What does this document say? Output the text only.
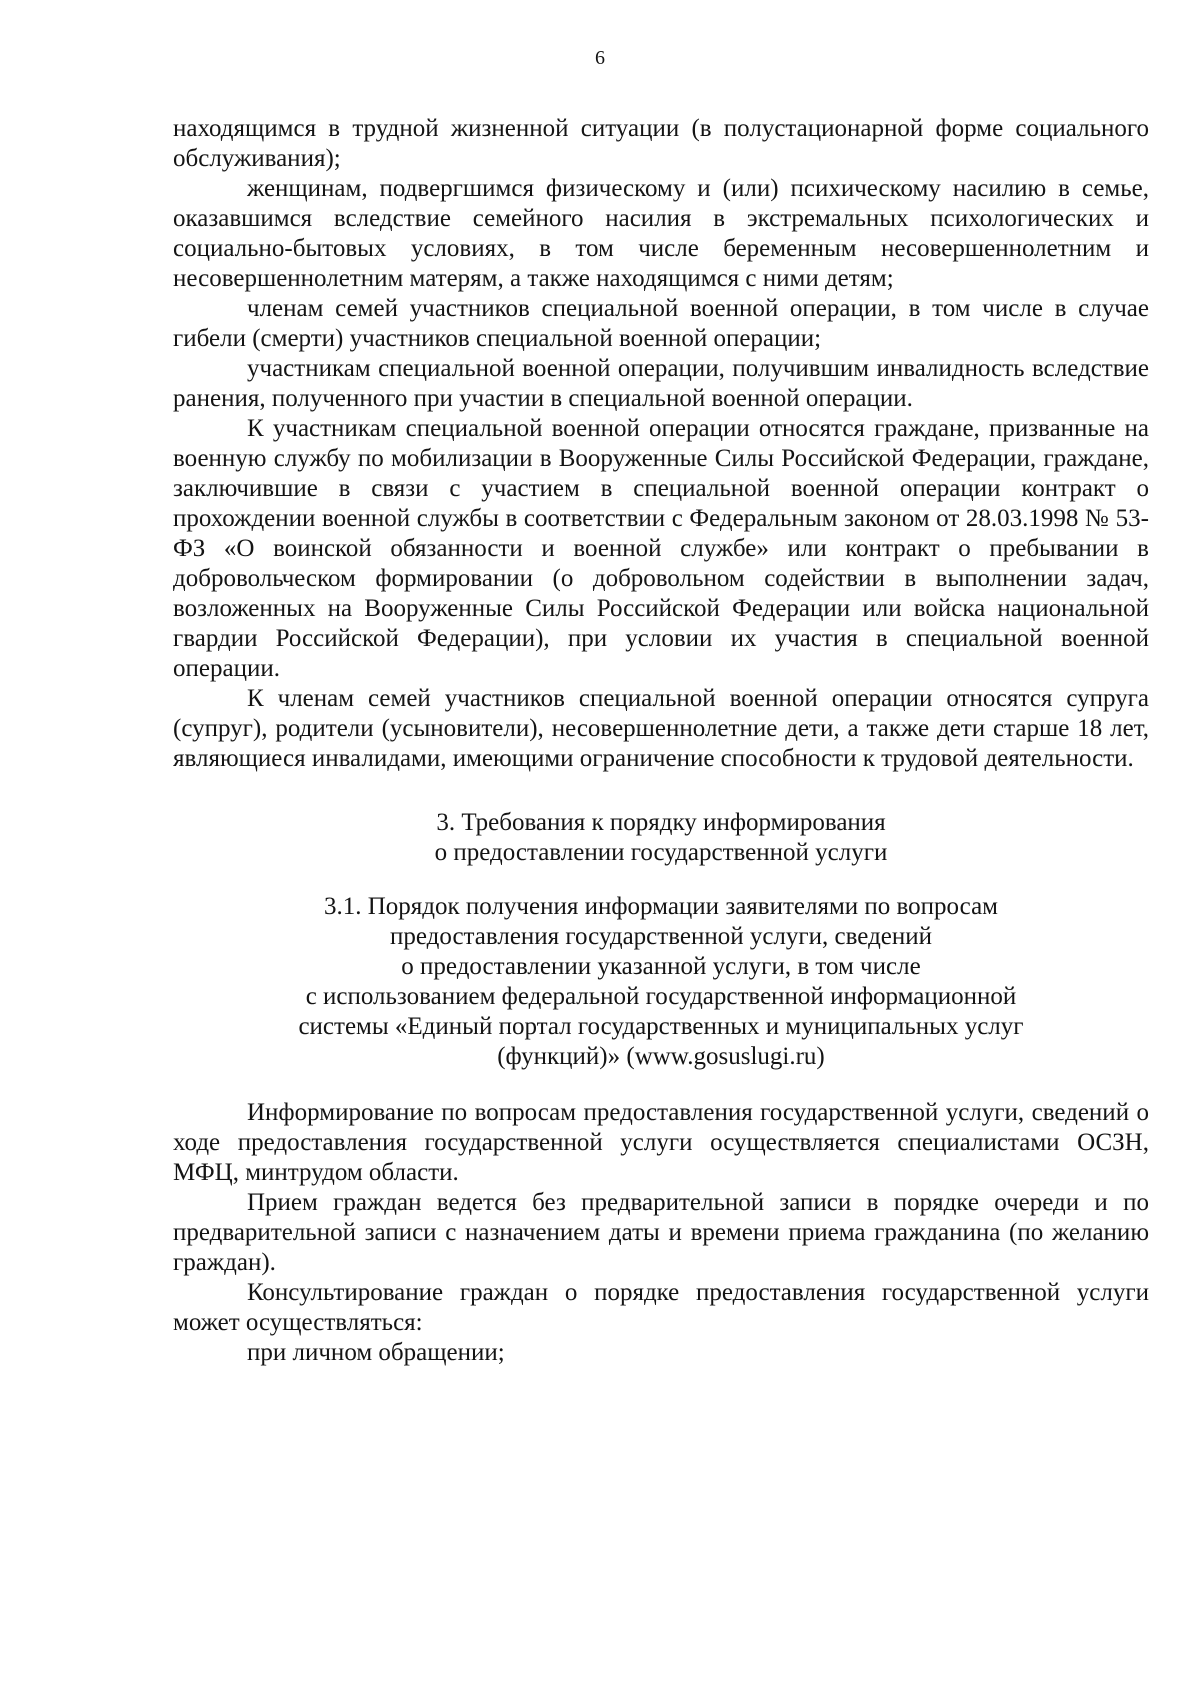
6

находящимся в трудной жизненной ситуации (в полустационарной форме социального обслуживания);

женщинам, подвергшимся физическому и (или) психическому насилию в семье, оказавшимся вследствие семейного насилия в экстремальных психологических и социально-бытовых условиях, в том числе беременным несовершеннолетним и несовершеннолетним матерям, а также находящимся с ними детям;

членам семей участников специальной военной операции, в том числе в случае гибели (смерти) участников специальной военной операции;

участникам специальной военной операции, получившим инвалидность вследствие ранения, полученного при участии в специальной военной операции.

К участникам специальной военной операции относятся граждане, призванные на военную службу по мобилизации в Вооруженные Силы Российской Федерации, граждане, заключившие в связи с участием в специальной военной операции контракт о прохождении военной службы в соответствии с Федеральным законом от 28.03.1998 № 53-ФЗ «О воинской обязанности и военной службе» или контракт о пребывании в добровольческом формировании (о добровольном содействии в выполнении задач, возложенных на Вооруженные Силы Российской Федерации или войска национальной гвардии Российской Федерации), при условии их участия в специальной военной операции.

К членам семей участников специальной военной операции относятся супруга (супруг), родители (усыновители), несовершеннолетние дети, а также дети старше 18 лет, являющиеся инвалидами, имеющими ограничение способности к трудовой деятельности.

3. Требования к порядку информирования
о предоставлении государственной услуги
3.1. Порядок получения информации заявителями по вопросам
предоставления государственной услуги, сведений
о предоставлении указанной услуги, в том числе
с использованием федеральной государственной информационной
системы «Единый портал государственных и муниципальных услуг
(функций)» (www.gosuslugi.ru)

Информирование по вопросам предоставления государственной услуги, сведений о ходе предоставления государственной услуги осуществляется специалистами ОСЗН, МФЦ, минтрудом области.

Прием граждан ведется без предварительной записи в порядке очереди и по предварительной записи с назначением даты и времени приема гражданина (по желанию граждан).

Консультирование граждан о порядке предоставления государственной услуги может осуществляться:

при личном обращении;
